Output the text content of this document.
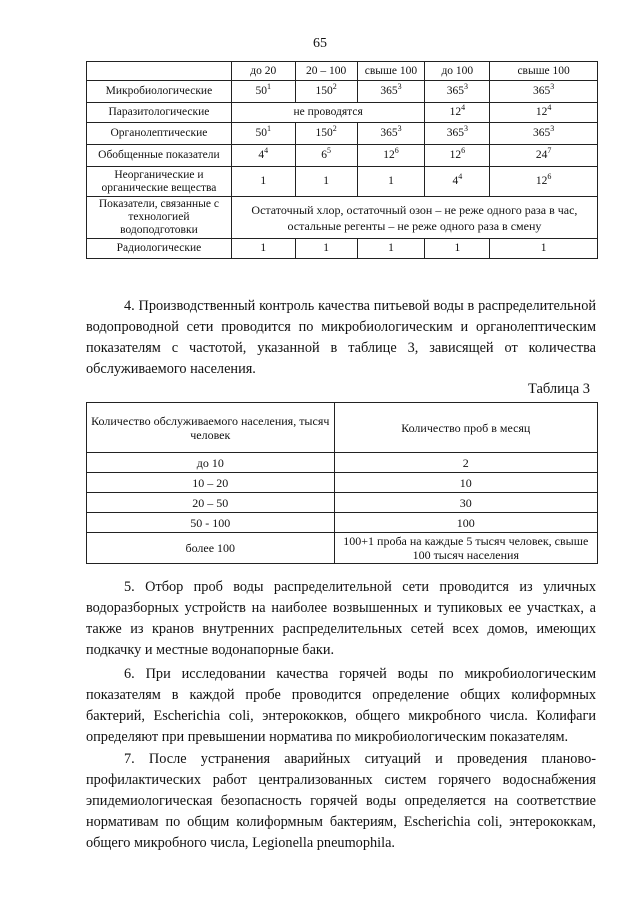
65
	до 20	20 – 100	свыше 100	до 100	свыше 100
Микробиологические	$50^1$	$150^2$	$365^3$	$365^3$	$365^3$
Паразитологические	не проводятся			$12^4$	$12^4$
Органолептические	$50^1$	$150^2$	$365^3$	$365^3$	$365^3$
Обобщенные показатели	$4^4$	$6^5$	$12^6$	$12^6$	$24^7$
Неорганические и органические вещества	1	1	1	$4^4$	$12^6$
Показатели, связанные с технологией водоподготовки	Остаточный хлор, остаточный озон – не реже одного раза в час, остальные регенты – не реже одного раза в смену				
Радиологические	1	1	1	1	1
4. Производственный контроль качества питьевой воды в распределительной водопроводной сети проводится по микробиологическим и органолептическим показателям с частотой, указанной в таблице 3, зависящей от количества обслуживаемого населения.
Таблица 3
Количество обслуживаемого населения, тысяч человек	Количество проб в месяц
до 10	2
10 – 20	10
20 – 50	30
50 - 100	100
более 100	100+1 проба на каждые 5 тысяч человек, свыше 100 тысяч населения
5. Отбор проб воды распределительной сети проводится из уличных водоразборных устройств на наиболее возвышенных и тупиковых ее участках, а также из кранов внутренних распределительных сетей всех домов, имеющих подкачку и местные водонапорные баки.
6. При исследовании качества горячей воды по микробиологическим показателям в каждой пробе проводится определение общих колиформных бактерий, Escherichia coli, энтерококков, общего микробного числа. Колифаги определяют при превышении норматива по микробиологическим показателям.
7. После устранения аварийных ситуаций и проведения планово-профилактических работ централизованных систем горячего водоснабжения эпидемиологическая безопасность горячей воды определяется на соответствие нормативам по общим колиформным бактериям, Escherichia coli, энтерококкам, общего микробного числа, Legionella pneumophila.
